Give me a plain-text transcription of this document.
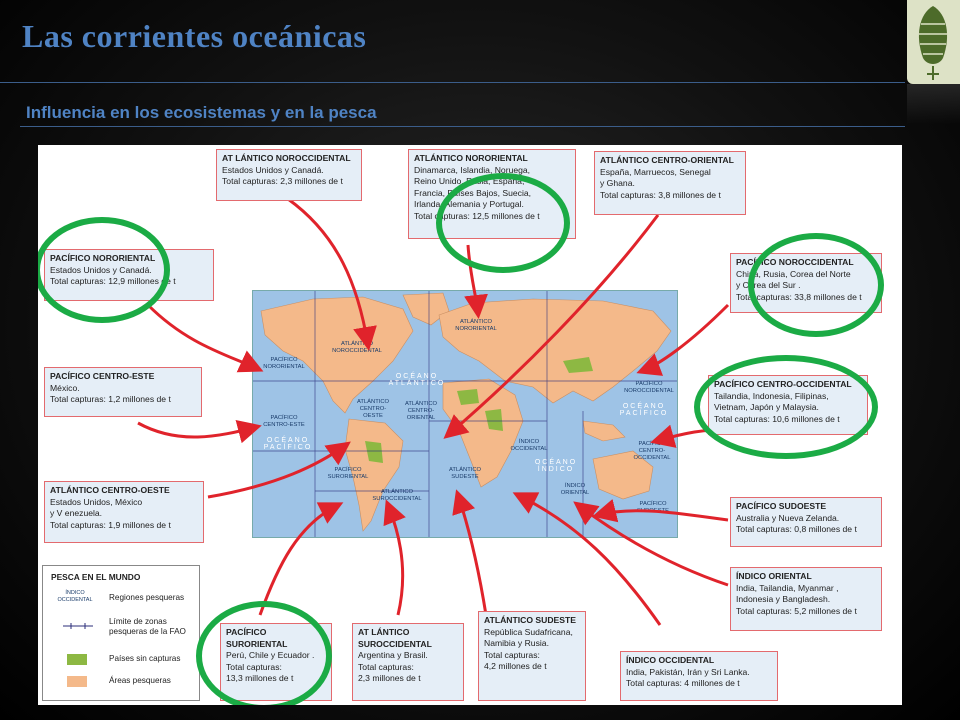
Las corrientes oceánicas
Influencia en los ecosistemas y en la pesca
PACÍFICO NORORIENTAL
ATLÁNTICO NOROCCIDENTAL
ATLÁNTICO NORORIENTAL
PACÍFICO NOROCCIDENTAL
PACÍFICO CENTRO-ESTE
ATLÁNTICO CENTRO-OESTE
ATLÁNTICO CENTRO-ORIENTAL
ÍNDICO OCCIDENTAL
PACÍFICO CENTRO-OCCIDENTAL
PACÍFICO SURORIENTAL
ATLÁNTICO SUROCCIDENTAL
ATLÁNTICO SUDESTE
ÍNDICO ORIENTAL
PACÍFICO SUDOESTE
OCÉANO ATLÁNTICO
OCÉANO PACÍFICO
OCÉANO PACÍFICO
OCÉANO ÍNDICO
AT LÁNTICO NOROCCIDENTAL
Estados Unidos y Canadá.
Total capturas: 2,3 millones de t
ATLÁNTICO NORORIENTAL
Dinamarca, Islandia, Noruega,
Reino Unido, Rusia, España,
Francia, Países Bajos, Suecia,
Irlanda, Alemania y Portugal.
Total capturas: 12,5 millones de t
ATLÁNTICO CENTRO-ORIENTAL
España, Marruecos, Senegal
y Ghana.
Total capturas: 3,8 millones de t
PACÍFICO NORORIENTAL
Estados Unidos y Canadá.
Total capturas: 12,9 millones de t
PACÍFICO NOROCCIDENTAL
China, Rusia, Corea del Norte
y Corea del Sur .
Total capturas: 33,8 millones de t
PACÍFICO CENTRO-ESTE
México.
Total capturas: 1,2 millones de t
PACÍFICO CENTRO-OCCIDENTAL
Tailandia, Indonesia, Filipinas,
Vietnam, Japón y Malaysia.
Total capturas: 10,6 millones de t
ATLÁNTICO CENTRO-OESTE
Estados Unidos, México
y V enezuela.
Total capturas: 1,9 millones de t
PACÍFICO SUDOESTE
Australia y Nueva Zelanda.
Total capturas: 0,8 millones de t
ÍNDICO ORIENTAL
India, Tailandia, Myanmar ,
Indonesia y Bangladesh.
Total capturas: 5,2 millones de t
PACÍFICO SURORIENTAL
Perú, Chile y Ecuador .
Total capturas:
13,3 millones de t
AT LÁNTICO SUROCCIDENTAL
Argentina y Brasil.
Total capturas:
2,3 millones de t
ATLÁNTICO SUDESTE
República Sudafricana,
Namibia y Rusia.
Total capturas:
4,2 millones de t
ÍNDICO OCCIDENTAL
India, Pakistán, Irán y Sri Lanka.
Total capturas: 4 millones de t
PESCA EN EL MUNDO
ÍNDICO OCCIDENTAL Regiones pesqueras
Límite de zonas pesqueras de la FAO
Países sin capturas
Áreas pesqueras
